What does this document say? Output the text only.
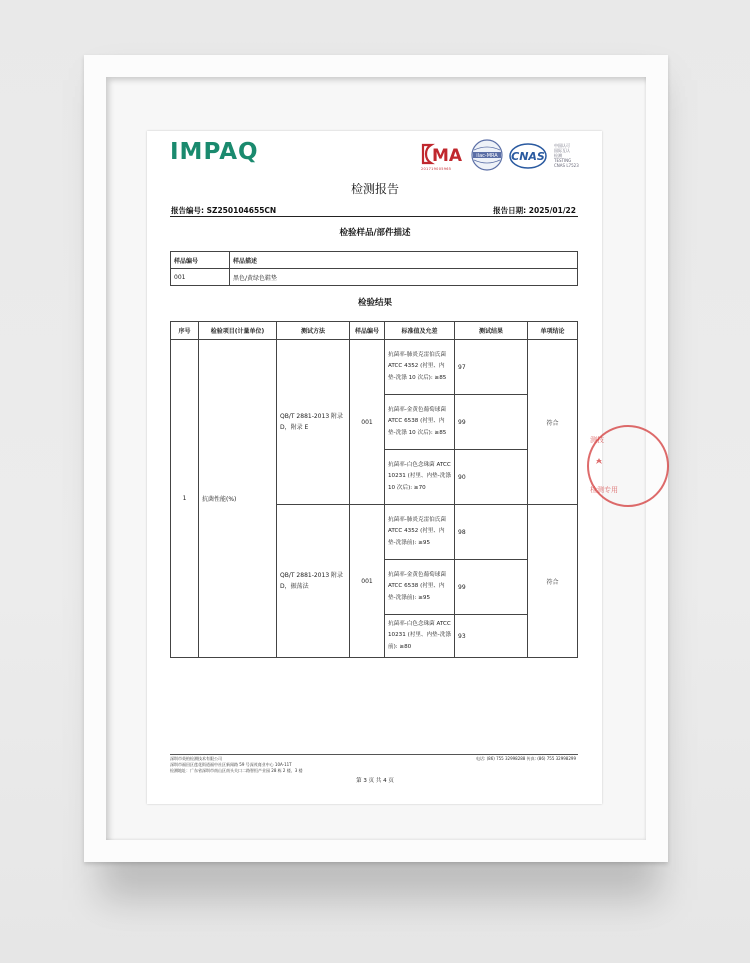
IMPAQ	MA
201719005965
ilac-MRA CNAS
中国认可
国际互认
检测
TESTING
CNAS L7523
检测报告
报告编号: SZ250104655CN	报告日期: 2025/01/22
检验样品/部件描述
样品编号	样品描述
001	黑色/黄绿色鞋垫
检验结果
序号	检验项目(计量单位)	测试方法	样品编号	标准值及允差	测试结果	单项结论
1	抗菌性能(%)	QB/T 2881-2013 附录 D，附录 E	001	抗菌率-肺炎克雷伯氏菌 ATCC 4352 (衬里、内垫-洗涤 10 次后): ≥85	97	符合
				抗菌率-金黄色葡萄球菌 ATCC 6538 (衬里、内垫-洗涤 10 次后): ≥85	99	
				抗菌率-白色念珠菌 ATCC 10231 (衬里、内垫-洗涤 10 次后): ≥70	90	
		QB/T 2881-2013 附录 D，振荡法	001	抗菌率-肺炎克雷伯氏菌 ATCC 4352 (衬里、内垫-洗涤前): ≥95	98	符合
				抗菌率-金黄色葡萄球菌 ATCC 6538 (衬里、内垫-洗涤前): ≥95	99	
				抗菌率-白色念珠菌 ATCC 10231 (衬里、内垫-洗涤前): ≥80	93	
测技
检测专用
深圳市英柏检测技术有限公司
深圳市福田区莲花街道福中社区新闻路 59 号深茂商业中心 10A-11T
检测地址：广东省深圳市南山区南头关口二路智恒产业园 28 栋 2 楼、3 楼
电话: (86) 755 32998288 传真: (86) 755 32998299
第 3 页 共 4 页
